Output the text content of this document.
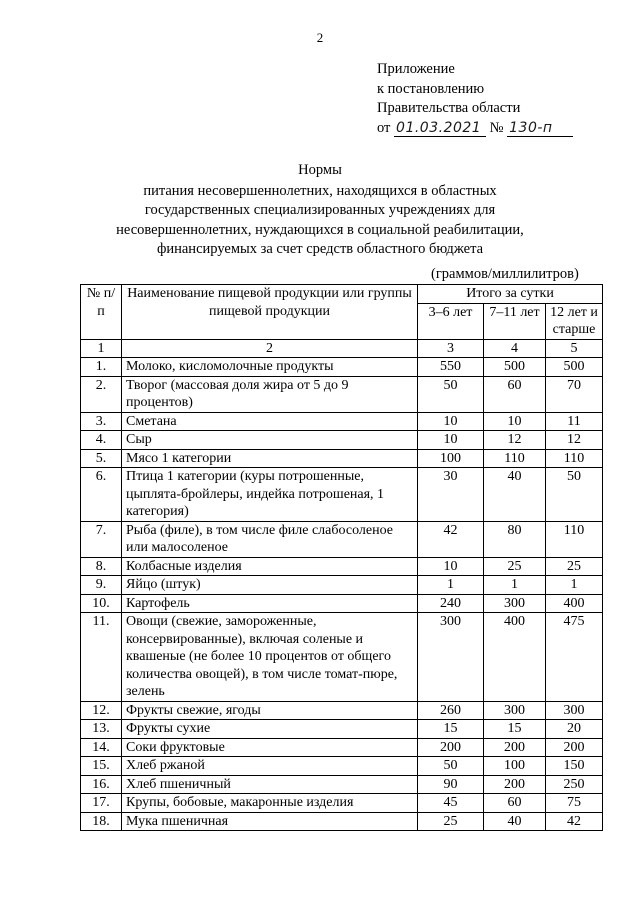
2
Приложение
к постановлению
Правительства области
от 01.03.2021 № 130-п
Нормы
питания несовершеннолетних, находящихся в областных
государственных специализированных учреждениях для
несовершеннолетних, нуждающихся в социальной реабилитации,
финансируемых за счет средств областного бюджета
(граммов/миллилитров)
№ п/п	Наименование пищевой продукции или группы пищевой продукции	Итого за сутки		
		3–6 лет	7–11 лет	12 лет и старше
1	2	3	4	5
1.	Молоко, кисломолочные продукты	550	500	500
2.	Творог (массовая доля жира от 5 до 9 процентов)	50	60	70
3.	Сметана	10	10	11
4.	Сыр	10	12	12
5.	Мясо 1 категории	100	110	110
6.	Птица 1 категории (куры потрошенные, цыплята-бройлеры, индейка потрошеная, 1 категория)	30	40	50
7.	Рыба (филе), в том числе филе слабосоленое или малосоленое	42	80	110
8.	Колбасные изделия	10	25	25
9.	Яйцо (штук)	1	1	1
10.	Картофель	240	300	400
11.	Овощи (свежие, замороженные, консервированные), включая соленые и квашеные (не более 10 процентов от общего количества овощей), в том числе томат-пюре, зелень	300	400	475
12.	Фрукты свежие, ягоды	260	300	300
13.	Фрукты сухие	15	15	20
14.	Соки фруктовые	200	200	200
15.	Хлеб ржаной	50	100	150
16.	Хлеб пшеничный	90	200	250
17.	Крупы, бобовые, макаронные изделия	45	60	75
18.	Мука пшеничная	25	40	42
